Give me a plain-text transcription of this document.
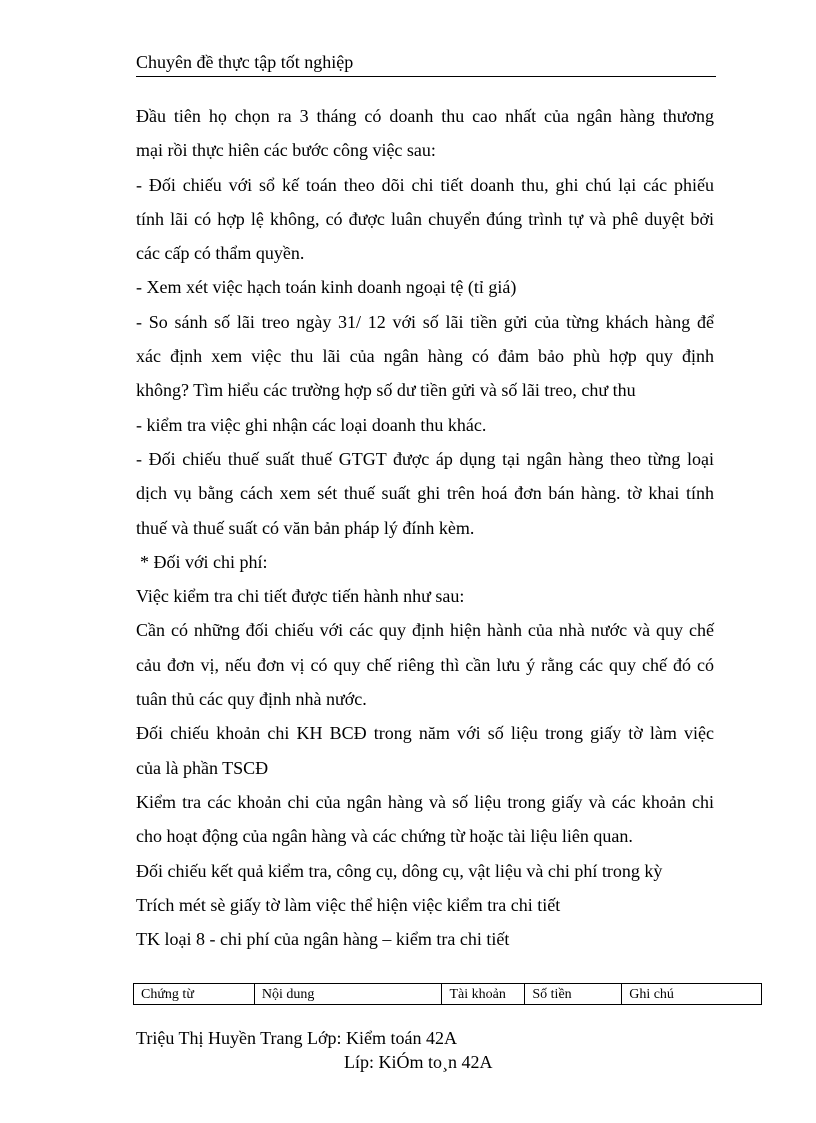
Chuyên đề thực tập tốt nghiệp

Đầu tiên họ chọn ra 3 tháng có doanh thu cao nhất của ngân hàng thương

mại rồi thực hiên các bước công việc sau:

- Đối chiếu với sổ kế toán theo dõi chi tiết doanh thu, ghi chú lại các phiếu

tính lãi có hợp lệ không, có được luân chuyển đúng trình tự và phê duyệt bởi

các cấp có thẩm quyền.

- Xem xét việc hạch toán kinh doanh ngoại tệ (tỉ giá)

- So sánh số lãi treo ngày 31/ 12 với số lãi tiền gửi của từng khách hàng để

xác định xem việc thu lãi của ngân hàng có đảm bảo phù hợp quy định

không? Tìm hiểu các trường hợp số dư tiền gửi và số lãi treo, chư thu

- kiểm tra việc ghi nhận các loại doanh thu khác.

- Đối chiếu thuế suất thuế GTGT được áp dụng tại ngân hàng theo từng loại

dịch vụ bằng cách xem sét thuế suất ghi trên hoá đơn bán hàng. tờ khai tính

thuế và thuế suất có văn bản pháp lý đính kèm.

* Đối với chi phí:

Việc kiểm tra chi tiết được tiến hành như sau:

Cần có những đối chiếu với các quy định hiện hành của nhà nước và quy chế

cảu đơn vị, nếu đơn vị có quy chế riêng thì cần lưu ý rằng các quy chế đó có

tuân thủ các quy định nhà nước.

Đối chiếu khoản chi KH BCĐ trong năm với số liệu trong giấy tờ làm việc

của là phần TSCĐ

Kiểm tra các khoản chi của ngân hàng và số liệu trong giấy và các khoản chi

cho hoạt động của ngân hàng và các chứng từ hoặc tài liệu liên quan.

Đối chiếu kết quả kiểm tra, công cụ, dông cụ, vật liệu và chi phí trong kỳ

Trích mét sè giấy tờ làm việc thể hiện việc kiểm tra chi tiết

TK loại 8 - chi phí của ngân hàng – kiểm tra chi tiết

Chứng từ	Nội dung	Tài khoản	Số tiền	Ghi chú
Triệu Thị Huyền Trang Lớp: Kiểm toán 42A
Líp: KiÓm to¸n 42A
